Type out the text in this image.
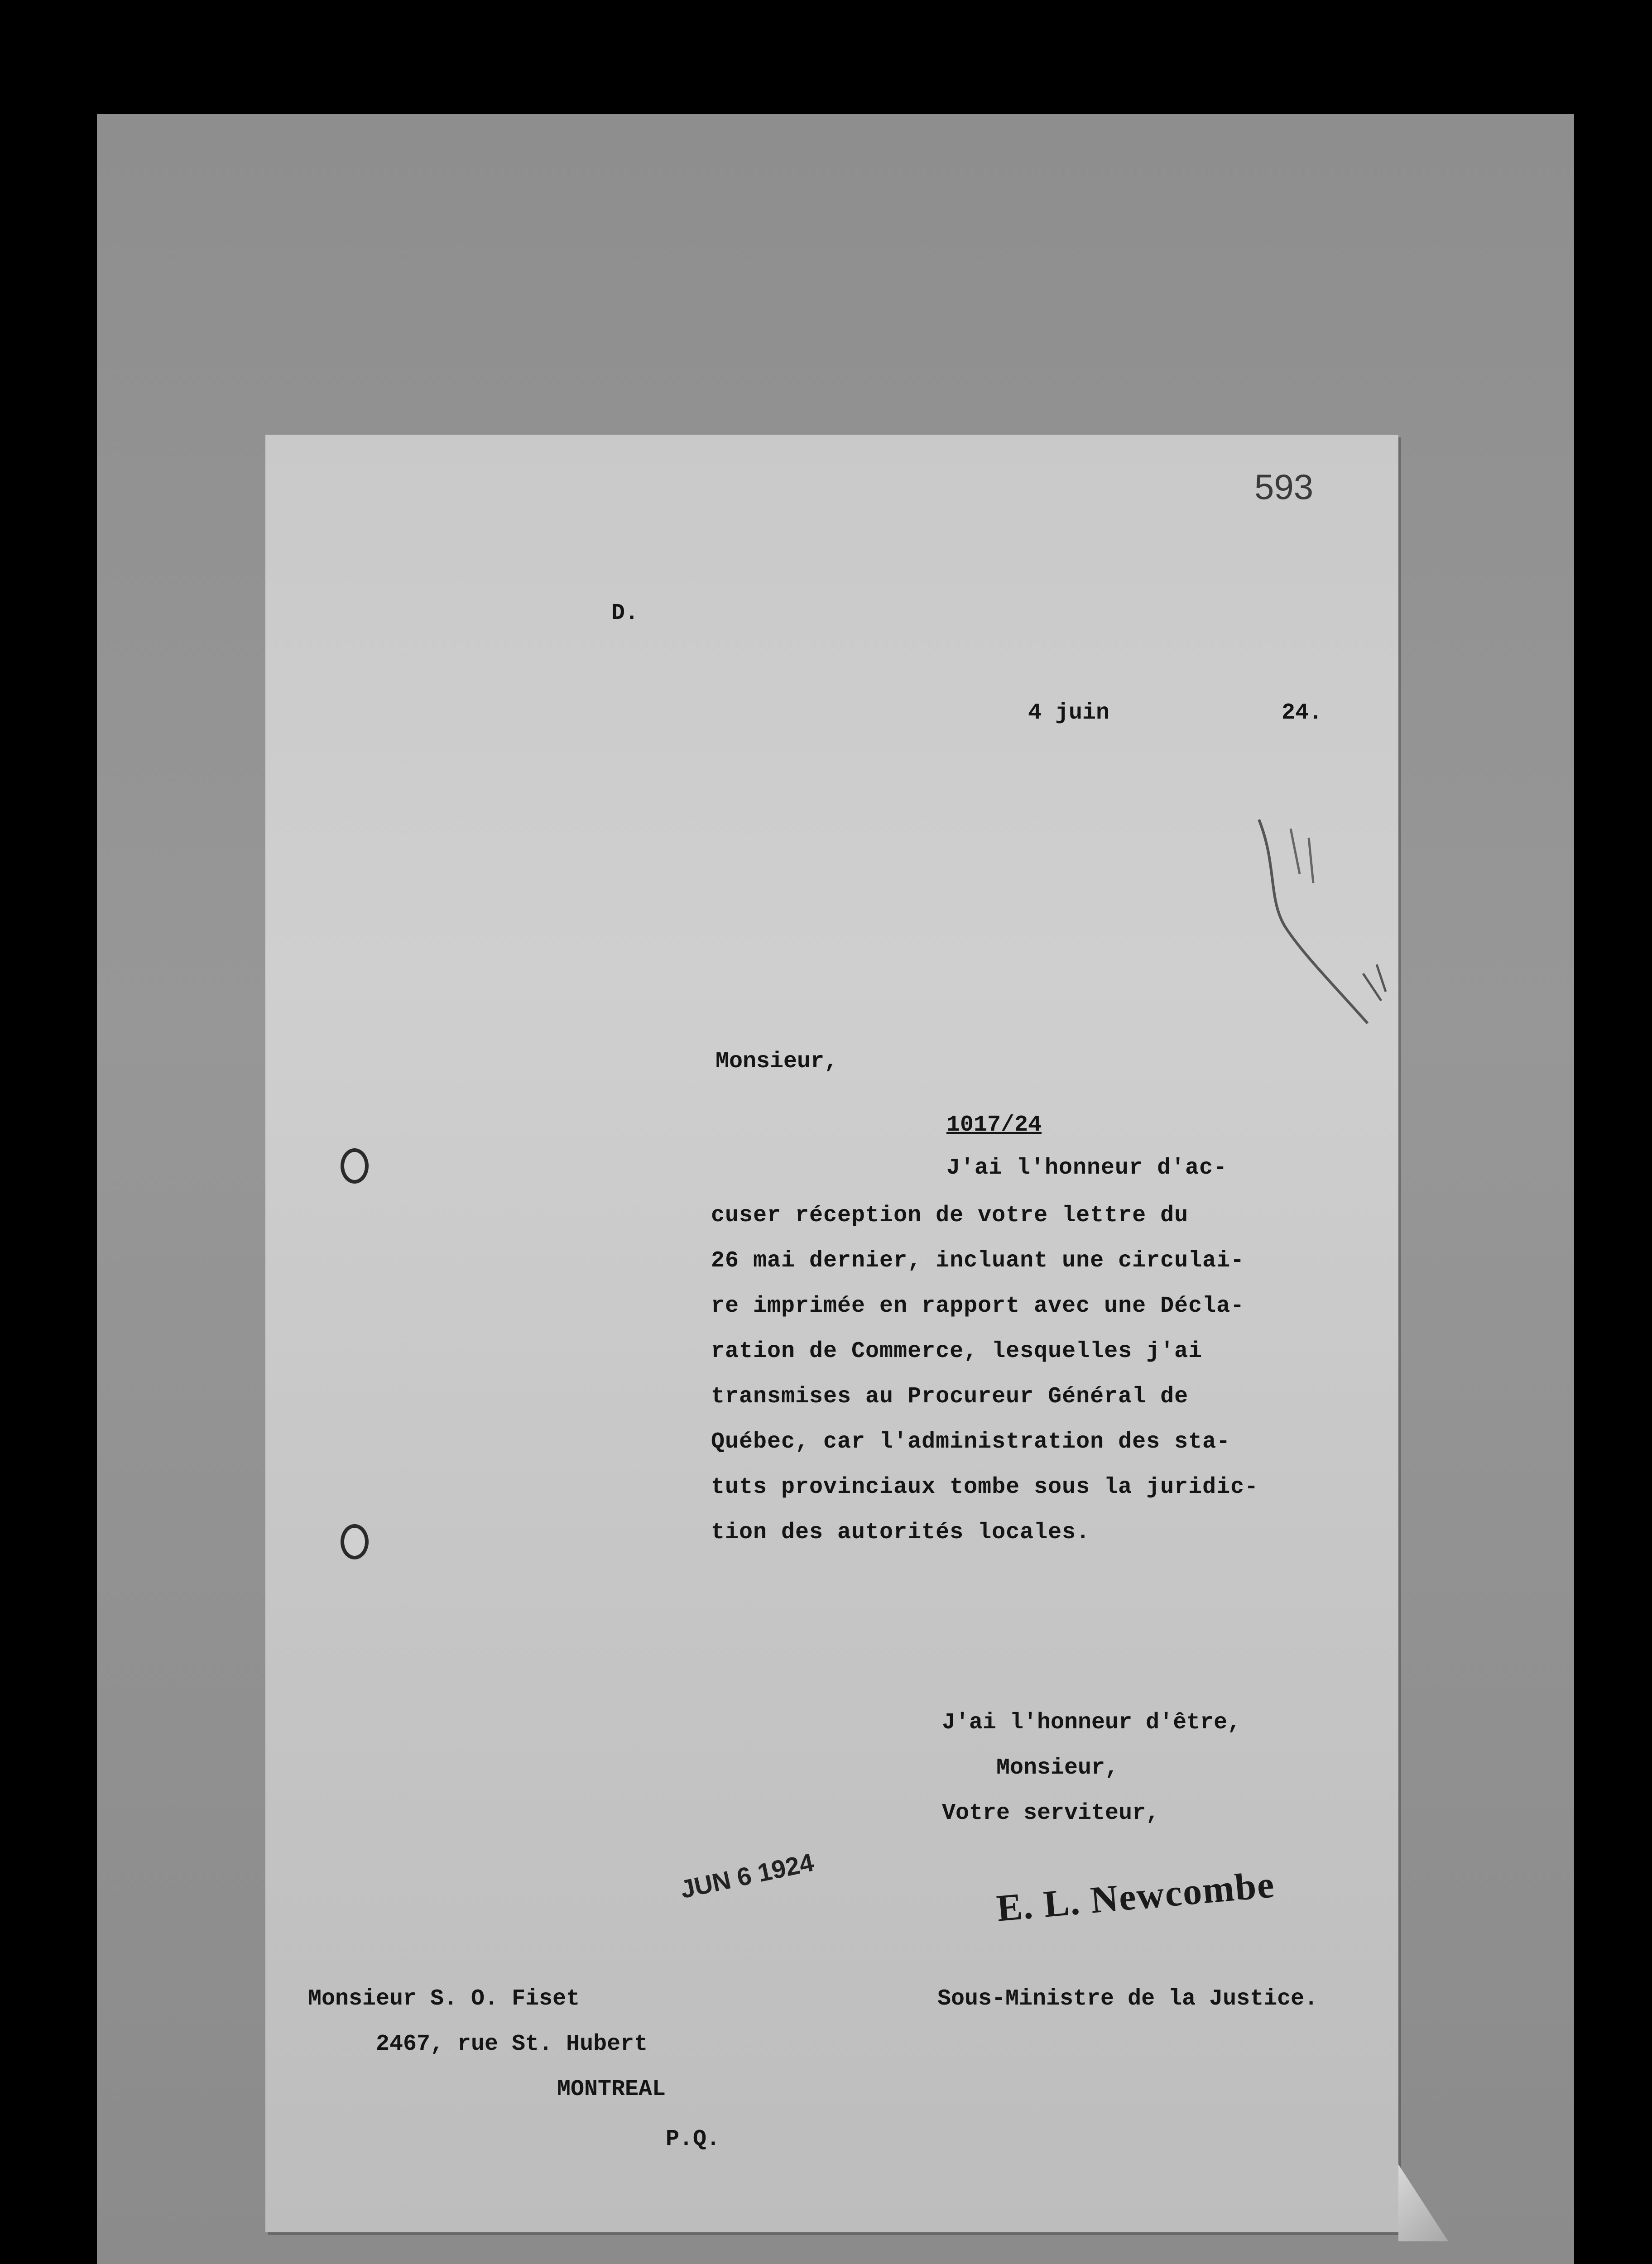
593
D.
4 juin	24.
Monsieur,
1017/24
J'ai l'honneur d'ac-
cuser réception de votre lettre du
26 mai dernier, incluant une circulai-
re imprimée en rapport avec une Décla-
ration de Commerce, lesquelles j'ai
transmises au Procureur Général de
Québec, car l'administration des sta-
tuts provinciaux tombe sous la juridic-
tion des autorités locales.
J'ai l'honneur d'être,
Monsieur,
Votre serviteur,
JUN 6 1924	E. L. Newcombe
Monsieur S. O. Fiset
2467, rue St. Hubert
MONTREAL
P.Q.
Sous-Ministre de la Justice.
